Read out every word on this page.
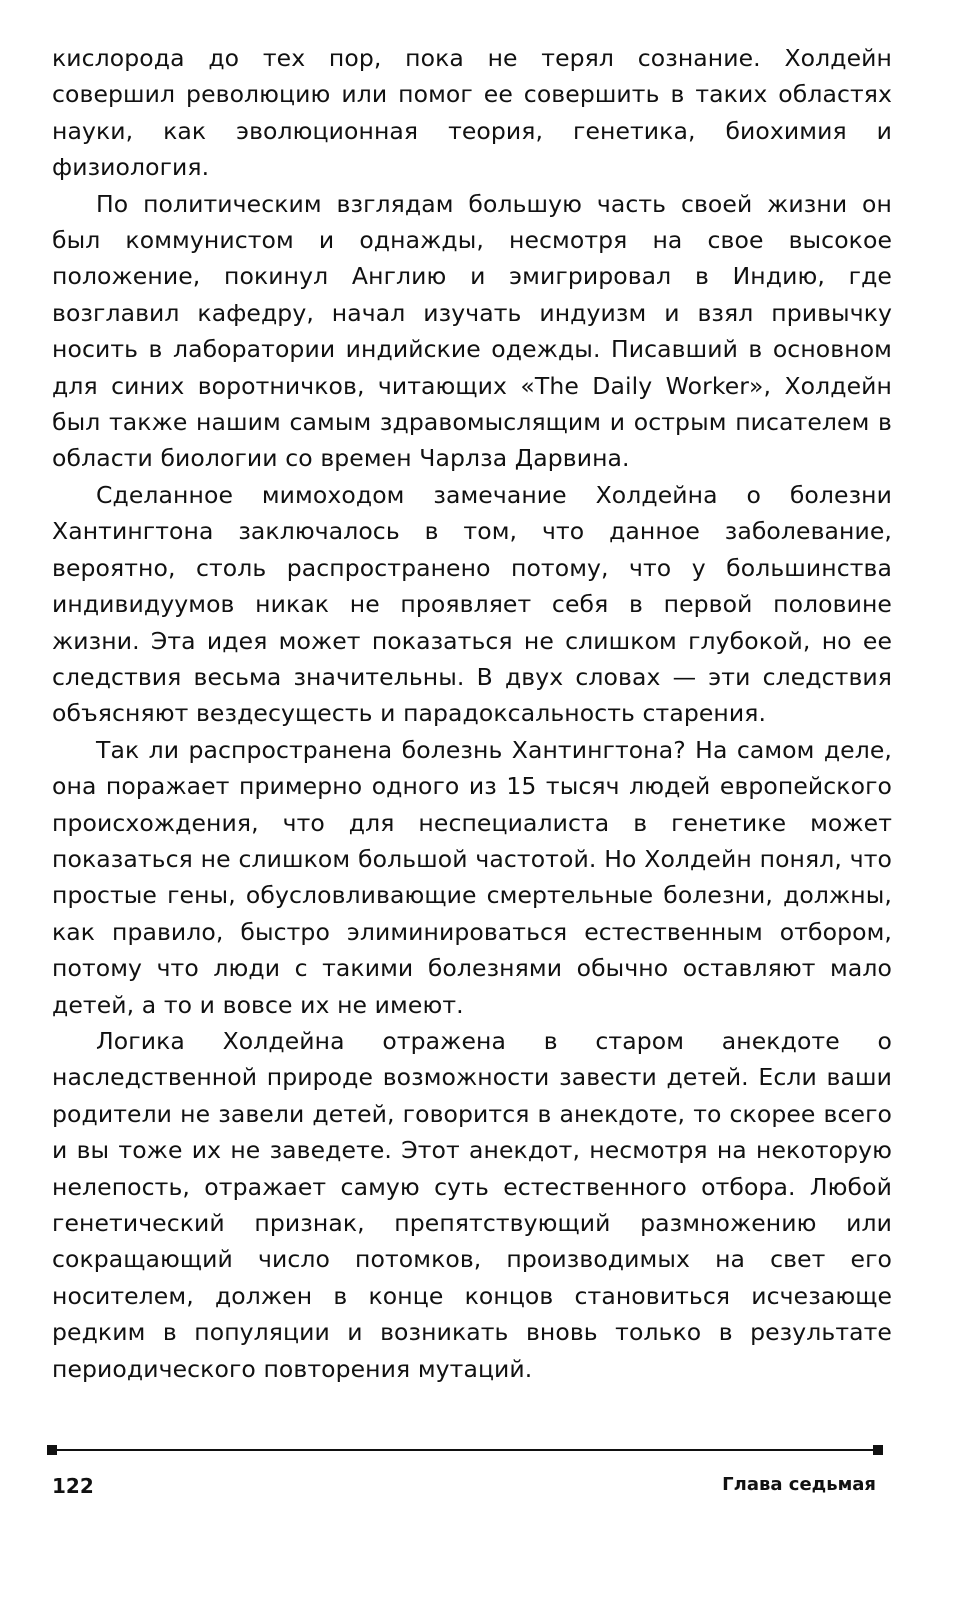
кислорода до тех пор, пока не терял сознание. Холдейн совершил революцию или помог ее совершить в таких областях науки, как эволюционная теория, генетика, биохимия и физиология.

По политическим взглядам большую часть своей жизни он был коммунистом и однажды, несмотря на свое высокое положение, покинул Англию и эмигрировал в Индию, где возглавил кафедру, начал изучать индуизм и взял привычку носить в лаборатории индийские одежды. Писавший в основном для синих воротничков, читающих «The Daily Worker», Холдейн был также нашим самым здравомыслящим и острым писателем в области биологии со времен Чарлза Дарвина.

Сделанное мимоходом замечание Холдейна о болезни Хантингтона заключалось в том, что данное заболевание, вероятно, столь распространено потому, что у большинства индивидуумов никак не проявляет себя в первой половине жизни. Эта идея может показаться не слишком глубокой, но ее следствия весьма значительны. В двух словах — эти следствия объясняют вездесущесть и парадоксальность старения.

Так ли распространена болезнь Хантингтона? На самом деле, она поражает примерно одного из 15 тысяч людей европейского происхождения, что для неспециалиста в генетике может показаться не слишком большой частотой. Но Холдейн понял, что простые гены, обусловливающие смертельные болезни, должны, как правило, быстро элиминироваться естественным отбором, потому что люди с такими болезнями обычно оставляют мало детей, а то и вовсе их не имеют.

Логика Холдейна отражена в старом анекдоте о наследственной природе возможности завести детей. Если ваши родители не завели детей, говорится в анекдоте, то скорее всего и вы тоже их не заведете. Этот анекдот, несмотря на некоторую нелепость, отражает самую суть естественного отбора. Любой генетический признак, препятствующий размножению или сокращающий число потомков, производимых на свет его носителем, должен в конце концов становиться исчезающе редким в популяции и возникать вновь только в результате периодического повторения мутаций.

122	Глава седьмая
